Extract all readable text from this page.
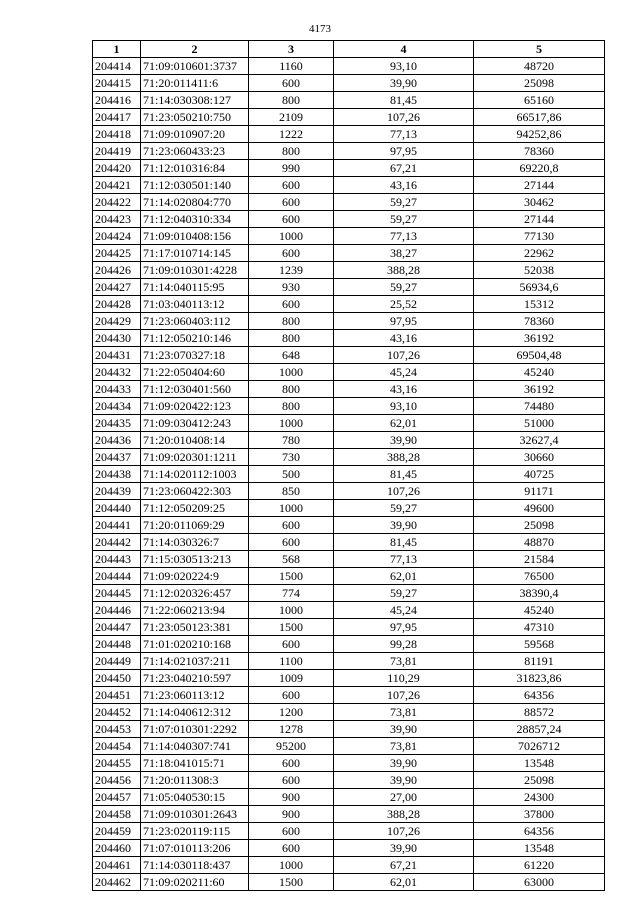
4173
1	2	3	4	5
204414	71:09:010601:3737	1160	93,10	48720
204415	71:20:011411:6	600	39,90	25098
204416	71:14:030308:127	800	81,45	65160
204417	71:23:050210:750	2109	107,26	66517,86
204418	71:09:010907:20	1222	77,13	94252,86
204419	71:23:060433:23	800	97,95	78360
204420	71:12:010316:84	990	67,21	69220,8
204421	71:12:030501:140	600	43,16	27144
204422	71:14:020804:770	600	59,27	30462
204423	71:12:040310:334	600	59,27	27144
204424	71:09:010408:156	1000	77,13	77130
204425	71:17:010714:145	600	38,27	22962
204426	71:09:010301:4228	1239	388,28	52038
204427	71:14:040115:95	930	59,27	56934,6
204428	71:03:040113:12	600	25,52	15312
204429	71:23:060403:112	800	97,95	78360
204430	71:12:050210:146	800	43,16	36192
204431	71:23:070327:18	648	107,26	69504,48
204432	71:22:050404:60	1000	45,24	45240
204433	71:12:030401:560	800	43,16	36192
204434	71:09:020422:123	800	93,10	74480
204435	71:09:030412:243	1000	62,01	51000
204436	71:20:010408:14	780	39,90	32627,4
204437	71:09:020301:1211	730	388,28	30660
204438	71:14:020112:1003	500	81,45	40725
204439	71:23:060422:303	850	107,26	91171
204440	71:12:050209:25	1000	59,27	49600
204441	71:20:011069:29	600	39,90	25098
204442	71:14:030326:7	600	81,45	48870
204443	71:15:030513:213	568	77,13	21584
204444	71:09:020224:9	1500	62,01	76500
204445	71:12:020326:457	774	59,27	38390,4
204446	71:22:060213:94	1000	45,24	45240
204447	71:23:050123:381	1500	97,95	47310
204448	71:01:020210:168	600	99,28	59568
204449	71:14:021037:211	1100	73,81	81191
204450	71:23:040210:597	1009	110,29	31823,86
204451	71:23:060113:12	600	107,26	64356
204452	71:14:040612:312	1200	73,81	88572
204453	71:07:010301:2292	1278	39,90	28857,24
204454	71:14:040307:741	95200	73,81	7026712
204455	71:18:041015:71	600	39,90	13548
204456	71:20:011308:3	600	39,90	25098
204457	71:05:040530:15	900	27,00	24300
204458	71:09:010301:2643	900	388,28	37800
204459	71:23:020119:115	600	107,26	64356
204460	71:07:010113:206	600	39,90	13548
204461	71:14:030118:437	1000	67,21	61220
204462	71:09:020211:60	1500	62,01	63000
